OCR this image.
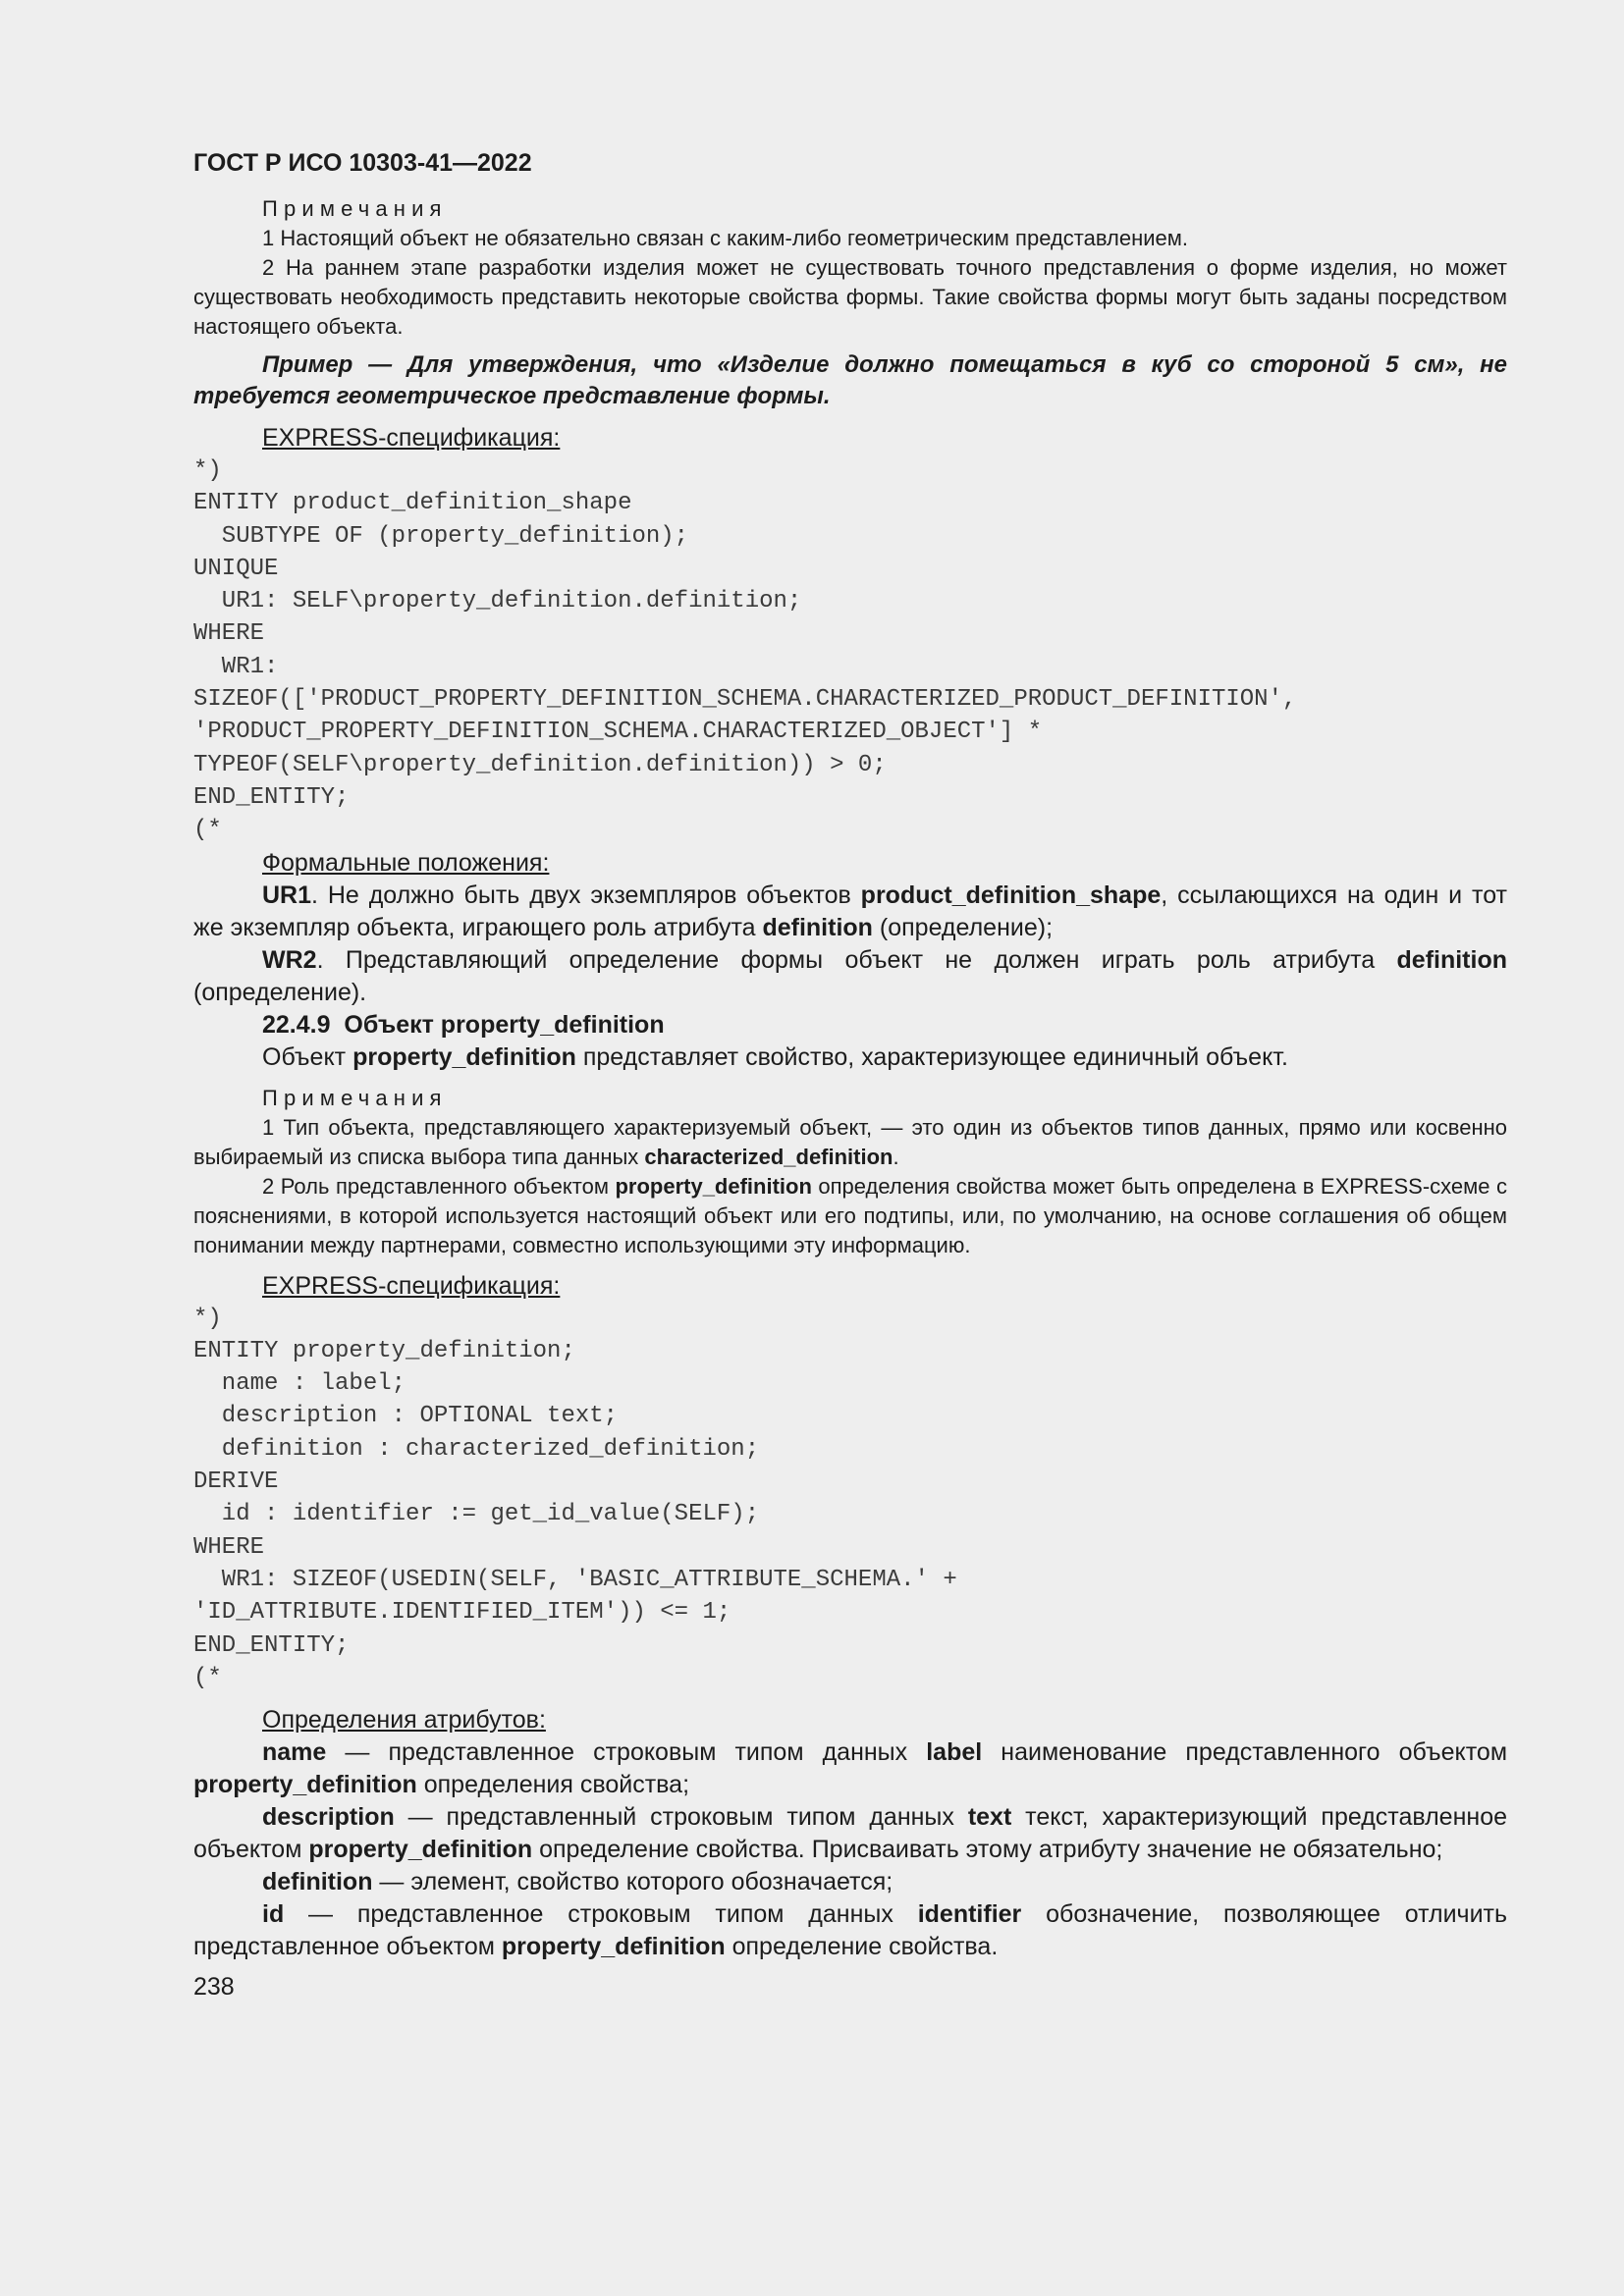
ГОСТ Р ИСО 10303-41—2022

Примечания

1 Настоящий объект не обязательно связан с каким-либо геометрическим представлением.

2 На раннем этапе разработки изделия может не существовать точного представления о форме изделия, но может существовать необходимость представить некоторые свойства формы. Такие свойства формы могут быть заданы посредством настоящего объекта.

Пример — Для утверждения, что «Изделие должно помещаться в куб со стороной 5 см», не требуется геометрическое представление формы.

EXPRESS-спецификация:

*)
ENTITY product_definition_shape
SUBTYPE OF (property_definition);
UNIQUE
UR1: SELF\property_definition.definition;
WHERE
WR1:
SIZEOF(['PRODUCT_PROPERTY_DEFINITION_SCHEMA.CHARACTERIZED_PRODUCT_DEFINITION',
'PRODUCT_PROPERTY_DEFINITION_SCHEMA.CHARACTERIZED_OBJECT'] *
TYPEOF(SELF\property_definition.definition)) > 0;
END_ENTITY;
(*

Формальные положения:

UR1. Не должно быть двух экземпляров объектов product_definition_shape, ссылающихся на один и тот же экземпляр объекта, играющего роль атрибута definition (определение);

WR2. Представляющий определение формы объект не должен играть роль атрибута definition (определение).

22.4.9 Объект property_definition

Объект property_definition представляет свойство, характеризующее единичный объект.

Примечания

1 Тип объекта, представляющего характеризуемый объект, — это один из объектов типов данных, прямо или косвенно выбираемый из списка выбора типа данных characterized_definition.

2 Роль представленного объектом property_definition определения свойства может быть определена в EXPRESS-схеме с пояснениями, в которой используется настоящий объект или его подтипы, или, по умолчанию, на основе соглашения об общем понимании между партнерами, совместно использующими эту информацию.

EXPRESS-спецификация:

*)
ENTITY property_definition;
name : label;
description : OPTIONAL text;
definition : characterized_definition;
DERIVE
id : identifier := get_id_value(SELF);
WHERE
WR1: SIZEOF(USEDIN(SELF, 'BASIC_ATTRIBUTE_SCHEMA.' +
'ID_ATTRIBUTE.IDENTIFIED_ITEM')) <= 1;
END_ENTITY;
(*

Определения атрибутов:

name — представленное строковым типом данных label наименование представленного объектом property_definition определения свойства;

description — представленный строковым типом данных text текст, характеризующий представленное объектом property_definition определение свойства. Присваивать этому атрибуту значение не обязательно;

definition — элемент, свойство которого обозначается;

id — представленное строковым типом данных identifier обозначение, позволяющее отличить представленное объектом property_definition определение свойства.

238
